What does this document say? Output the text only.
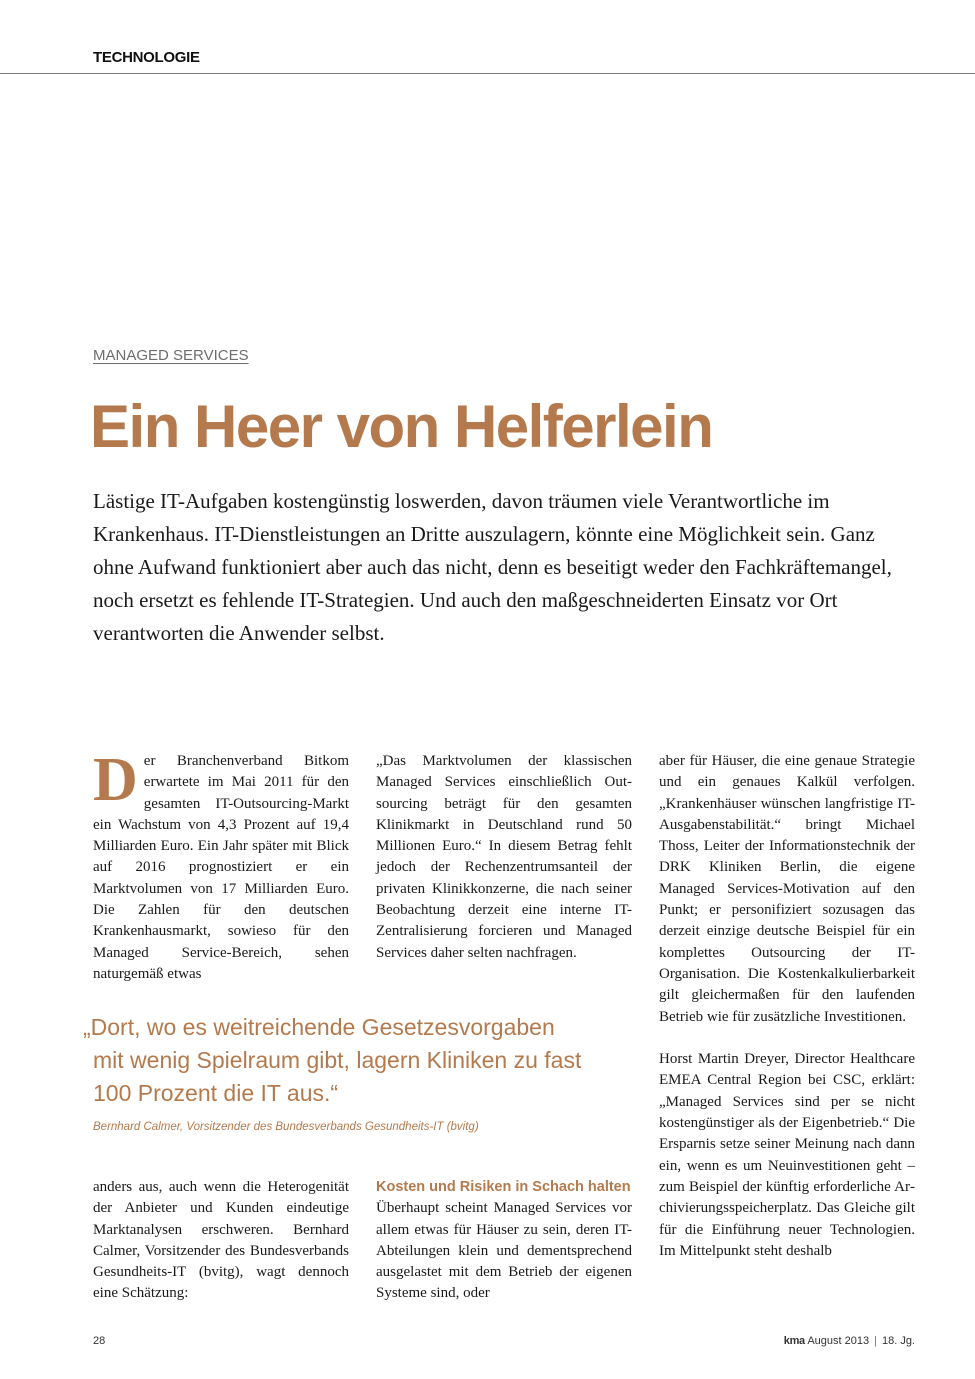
TECHNOLOGIE
MANAGED SERVICES
Ein Heer von Helferlein

Lästige IT-Aufgaben kostengünstig loswerden, davon träumen viele Verantwortliche im Krankenhaus. IT-Dienstleistungen an Dritte auszulagern, könnte eine Möglichkeit sein. Ganz ohne Aufwand funktioniert aber auch das nicht, denn es beseitigt weder den Fachkräftemangel, noch ersetzt es fehlende IT-Strategien. Und auch den maßgeschneiderten Einsatz vor Ort verantworten die Anwender selbst.

D er Branchenverband Bitkom erwartete im Mai 2011 für den gesamten IT-Outsourcing-Markt ein Wachstum von 4,3 Prozent auf 19,4 Milliarden Euro. Ein Jahr später mit Blick auf 2016 prognostiziert er ein Marktvolumen von 17 Milliarden Euro. Die Zahlen für den deutschen Krankenhausmarkt, sowieso für den Managed Service-Bereich, sehen naturgemäß etwas

„Das Marktvolumen der klassischen Managed Services einschließlich Outsourcing beträgt für den gesamten Klinikmarkt in Deutschland rund 50 Millionen Euro.“ In diesem Betrag fehlt jedoch der Rechenzentrumsanteil der privaten Klinikkonzerne, die nach seiner Beobachtung derzeit eine interne IT-Zentralisierung forcieren und Managed Services daher selten nachfragen.

aber für Häuser, die eine genaue Strategie und ein genaues Kalkül verfolgen. „Krankenhäuser wünschen langfristige IT-Ausgabenstabilität.“ bringt Michael Thoss, Leiter der Informationstechnik der DRK Kliniken Berlin, die eigene Managed Services-Motivation auf den Punkt; er personifiziert sozusagen das derzeit einzige deutsche Beispiel für ein komplettes Outsourcing der IT-Organisation. Die Kostenkalkulierbarkeit gilt gleichermaßen für den laufenden Betrieb wie für zusätzliche Investitionen.

Horst Martin Dreyer, Director Healthcare EMEA Central Region bei CSC, erklärt: „Managed Services sind per se nicht kostengünstiger als der Eigenbetrieb.“ Die Ersparnis setze seiner Meinung nach dann ein, wenn es um Neuinvestitionen geht – zum Beispiel der künftig erforderliche Archivierungsspeicherplatz. Das Gleiche gilt für die Einführung neuer Technologien. Im Mittelpunkt steht deshalb

„Dort, wo es weitreichende Gesetzesvorgaben
mit wenig Spielraum gibt, lagern Kliniken zu fast
100 Prozent die IT aus.“
Bernhard Calmer, Vorsitzender des Bundesverbands Gesundheits-IT (bvitg)

anders aus, auch wenn die Heterogenität der Anbieter und Kunden eindeutige Marktanalysen erschweren. Bernhard Calmer, Vorsitzender des Bundesverbands Gesundheits-IT (bvitg), wagt dennoch eine Schätzung:

Kosten und Risiken in Schach halten

Überhaupt scheint Managed Services vor allem etwas für Häuser zu sein, deren IT-Abteilungen klein und dementsprechend ausgelastet mit dem Betrieb der eigenen Systeme sind, oder

28	kma August 2013 | 18. Jg.
